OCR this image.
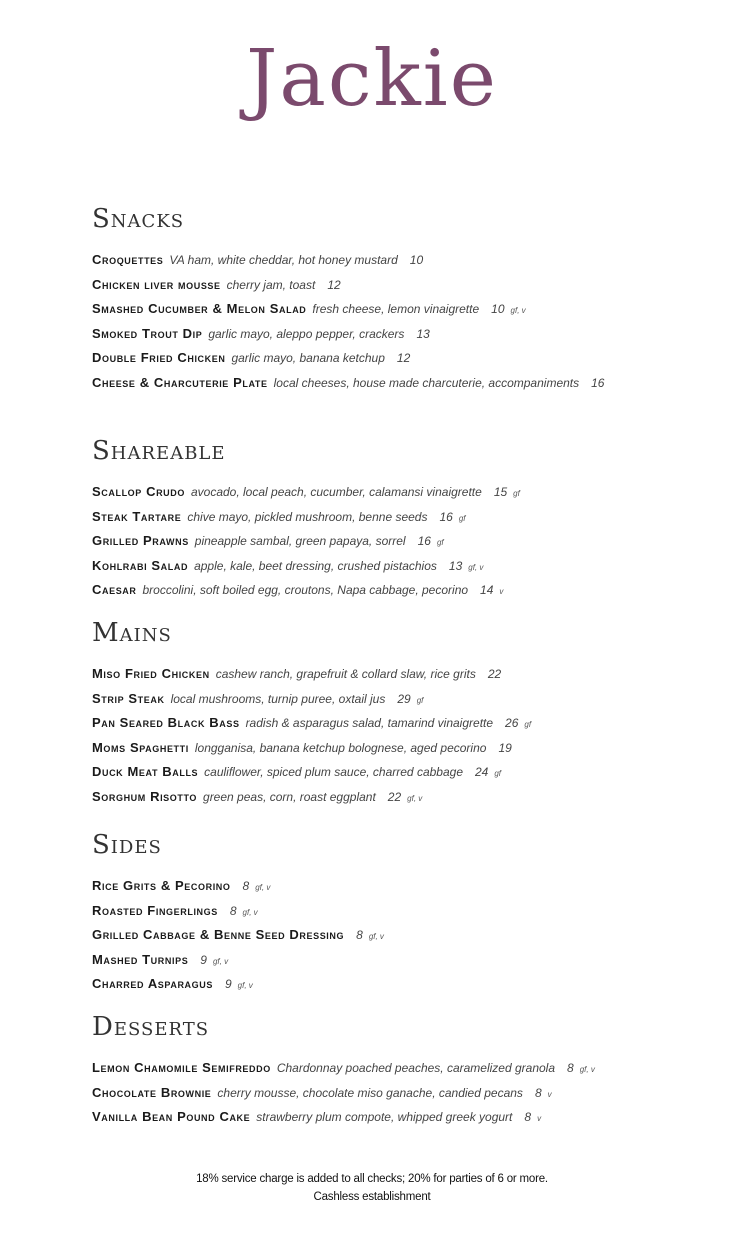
Jackie
Snacks
Croquettes VA ham, white cheddar, hot honey mustard 10
Chicken liver mousse cherry jam, toast 12
Smashed Cucumber & Melon Salad fresh cheese, lemon vinaigrette 10 gf, v
Smoked Trout Dip garlic mayo, aleppo pepper, crackers 13
Double Fried Chicken garlic mayo, banana ketchup 12
Cheese & Charcuterie Plate local cheeses, house made charcuterie, accompaniments 16
Shareable
Scallop Crudo avocado, local peach, cucumber, calamansi vinaigrette 15 gf
Steak Tartare chive mayo, pickled mushroom, benne seeds 16 gf
Grilled Prawns pineapple sambal, green papaya, sorrel 16 gf
Kohlrabi Salad apple, kale, beet dressing, crushed pistachios 13 gf, v
Caesar broccolini, soft boiled egg, croutons, Napa cabbage, pecorino 14 v
Mains
Miso Fried Chicken cashew ranch, grapefruit & collard slaw, rice grits 22
Strip Steak local mushrooms, turnip puree, oxtail jus 29 gf
Pan Seared Black Bass radish & asparagus salad, tamarind vinaigrette 26 gf
Moms Spaghetti longganisa, banana ketchup bolognese, aged pecorino 19
Duck Meat Balls cauliflower, spiced plum sauce, charred cabbage 24 gf
Sorghum Risotto green peas, corn, roast eggplant 22 gf, v
Sides
Rice Grits & Pecorino 8 gf, v
Roasted Fingerlings 8 gf, v
Grilled Cabbage & Benne Seed Dressing 8 gf, v
Mashed Turnips 9 gf, v
Charred Asparagus 9 gf, v
Desserts
Lemon Chamomile Semifreddo Chardonnay poached peaches, caramelized granola 8 gf, v
Chocolate Brownie cherry mousse, chocolate miso ganache, candied pecans 8 v
Vanilla Bean Pound Cake strawberry plum compote, whipped greek yogurt 8 v
18% service charge is added to all checks; 20% for parties of 6 or more.
Cashless establishment
